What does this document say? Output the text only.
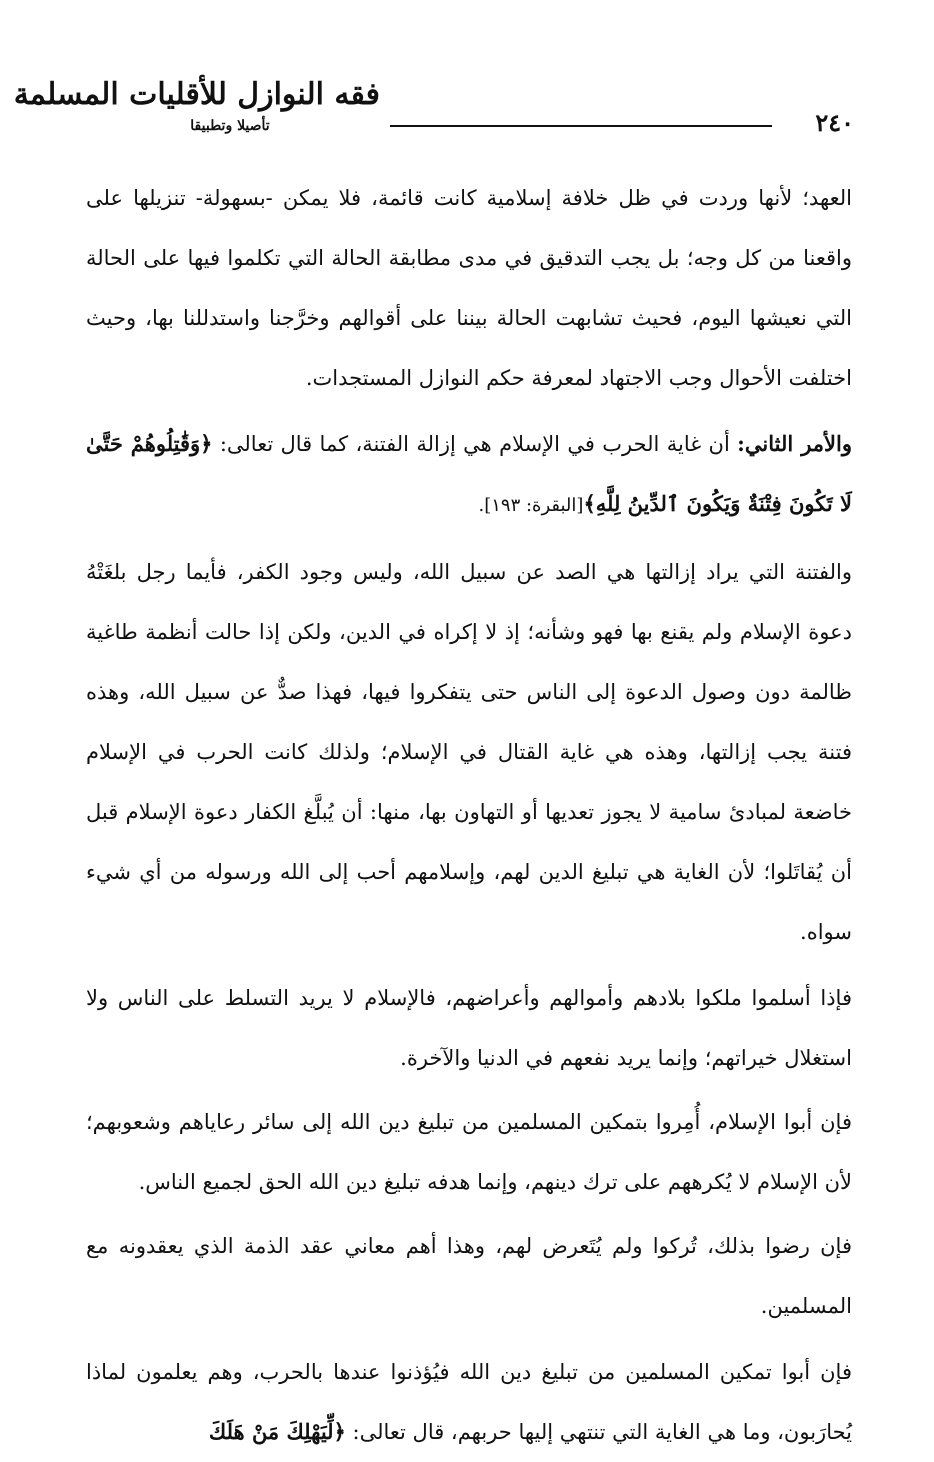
٢٤٠
فقه النوازل للأقليات المسلمة
تأصيلا وتطبيقا

العهد؛ لأنها وردت في ظل خلافة إسلامية كانت قائمة، فلا يمكن -بسهولة- تنزيلها على واقعنا من كل وجه؛ بل يجب التدقيق في مدى مطابقة الحالة التي تكلموا فيها على الحالة التي نعيشها اليوم، فحيث تشابهت الحالة بيننا على أقوالهم وخرَّجنا واستدللنا بها، وحيث اختلفت الأحوال وجب الاجتهاد لمعرفة حكم النوازل المستجدات.

والأمر الثاني: أن غاية الحرب في الإسلام هي إزالة الفتنة، كما قال تعالى: ﴿وَقَٰتِلُوهُمْ حَتَّىٰ لَا تَكُونَ فِتْنَةٌ وَيَكُونَ ٱلدِّينُ لِلَّهِ﴾[البقرة: ١٩٣].

والفتنة التي يراد إزالتها هي الصد عن سبيل الله، وليس وجود الكفر، فأيما رجل بلغَتْهُ دعوة الإسلام ولم يقنع بها فهو وشأنه؛ إذ لا إكراه في الدين، ولكن إذا حالت أنظمة طاغية ظالمة دون وصول الدعوة إلى الناس حتى يتفكروا فيها، فهذا صدٌّ عن سبيل الله، وهذه فتنة يجب إزالتها، وهذه هي غاية القتال في الإسلام؛ ولذلك كانت الحرب في الإسلام خاضعة لمبادئ سامية لا يجوز تعديها أو التهاون بها، منها: أن يُبلَّغ الكفار دعوة الإسلام قبل أن يُقاتَلوا؛ لأن الغاية هي تبليغ الدين لهم، وإسلامهم أحب إلى الله ورسوله من أي شيء سواه.

فإذا أسلموا ملكوا بلادهم وأموالهم وأعراضهم، فالإسلام لا يريد التسلط على الناس ولا استغلال خيراتهم؛ وإنما يريد نفعهم في الدنيا والآخرة.

فإن أبوا الإسلام، أُمِروا بتمكين المسلمين من تبليغ دين الله إلى سائر رعاياهم وشعوبهم؛ لأن الإسلام لا يُكرههم على ترك دينهم، وإنما هدفه تبليغ دين الله الحق لجميع الناس.

فإن رضوا بذلك، تُركوا ولم يُتَعرض لهم، وهذا أهم معاني عقد الذمة الذي يعقدونه مع المسلمين.

فإن أبوا تمكين المسلمين من تبليغ دين الله فيُؤذنوا عندها بالحرب، وهم يعلمون لماذا يُحارَبون، وما هي الغاية التي تنتهي إليها حربهم، قال تعالى: ﴿لِّيَهْلِكَ مَنْ هَلَكَ
